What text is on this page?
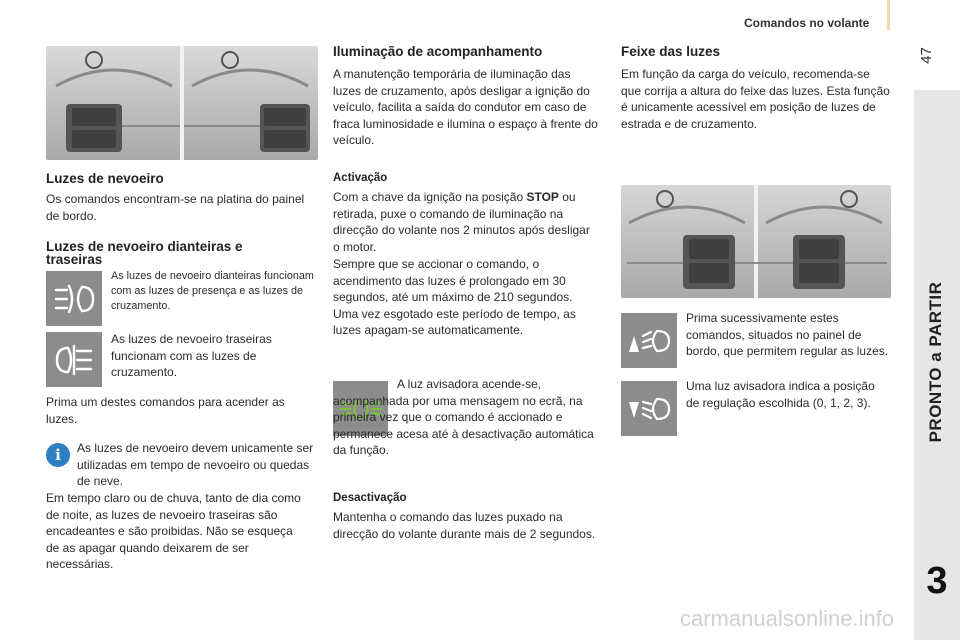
Comandos no volante
47
PRONTO a PARTIR
3
Luzes de nevoeiro

Os comandos encontram-se na platina do painel de bordo.

Luzes de nevoeiro dianteiras e traseiras

As luzes de nevoeiro dianteiras funcionam com as luzes de presença e as luzes de cruzamento.

As luzes de nevoeiro traseiras funcionam com as luzes de cruzamento.

Prima um destes comandos para acender as luzes.

i As luzes de nevoeiro devem unicamente ser utilizadas em tempo de nevoeiro ou quedas de neve.

Em tempo claro ou de chuva, tanto de dia como de noite, as luzes de nevoeiro traseiras são encadeantes e são proibidas. Não se esqueça de as apagar quando deixarem de ser necessárias.

Iluminação de acompanhamento

A manutenção temporária de iluminação das luzes de cruzamento, após desligar a ignição do veículo, facilita a saída do condutor em caso de fraca luminosidade e ilumina o espaço à frente do veículo.

Activação

Com a chave da ignição na posição STOP ou retirada, puxe o comando de iluminação na direcção do volante nos 2 minutos após desligar o motor.

Sempre que se accionar o comando, o acendimento das luzes é prolongado em 30 segundos, até um máximo de 210 segundos. Uma vez esgotado este período de tempo, as luzes apagam-se automaticamente.

A luz avisadora acende-se, acompanhada por uma mensagem no ecrã, na primeira vez que o comando é accionado e permanece acesa até à desactivação automática da função.

Desactivação

Mantenha o comando das luzes puxado na direcção do volante durante mais de 2 segundos.

Feixe das luzes

Em função da carga do veículo, recomenda-se que corrija a altura do feixe das luzes. Esta função é unicamente acessível em posição de luzes de estrada e de cruzamento.

Prima sucessivamente estes comandos, situados no painel de bordo, que permitem regular as luzes.

Uma luz avisadora indica a posição de regulação escolhida (0, 1, 2, 3).

carmanualsonline.info
